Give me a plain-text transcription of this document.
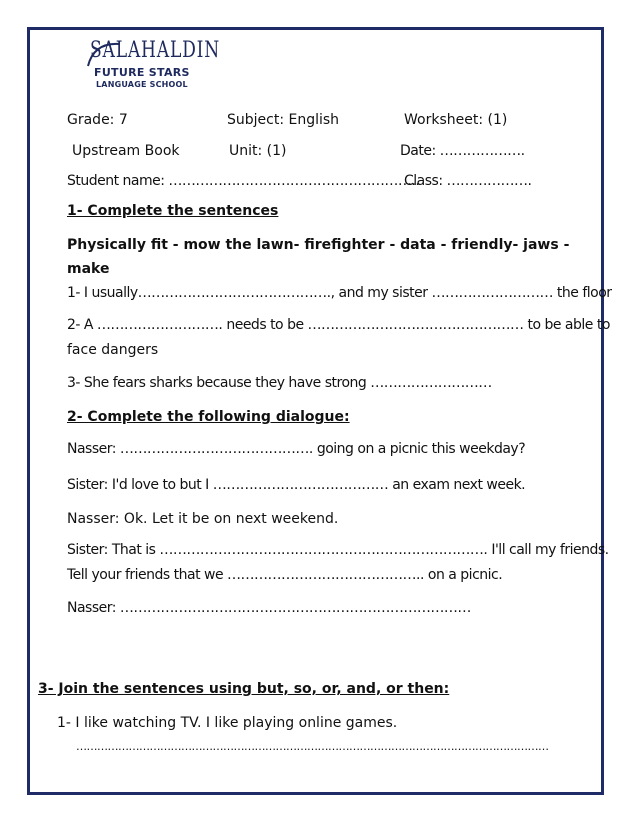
SALAHALDIN
FUTURE STARS
LANGUAGE SCHOOL
Grade: 7	Subject: English	Worksheet: (1)
Upstream Book	Unit: (1)	Date: ……………….
Student name: ………………………………………………..
Class: ……………….
1- Complete the sentences
Physically fit - mow the lawn- firefighter - data - friendly- jaws -
make
1- I usually……………………………………., and my sister ……………………… the floor
2- A ………………………. needs to be ………………………………………… to be able to
face dangers
3- She fears sharks because they have strong ………………………
2- Complete the following dialogue:
Nasser: ……………………………………. going on a picnic this weekday?
Sister: I'd love to but I ………………………………… an exam next week.
Nasser: Ok. Let it be on next weekend.
Sister: That is ………………………………………………………………. I'll call my friends.
Tell your friends that we …………………………………….. on a picnic.
Nasser: ……………………………………………………………………
3- Join the sentences using but, so, or, and, or then:
1- I like watching TV. I like playing online games.
………………………………………………………………………………………………………………………
